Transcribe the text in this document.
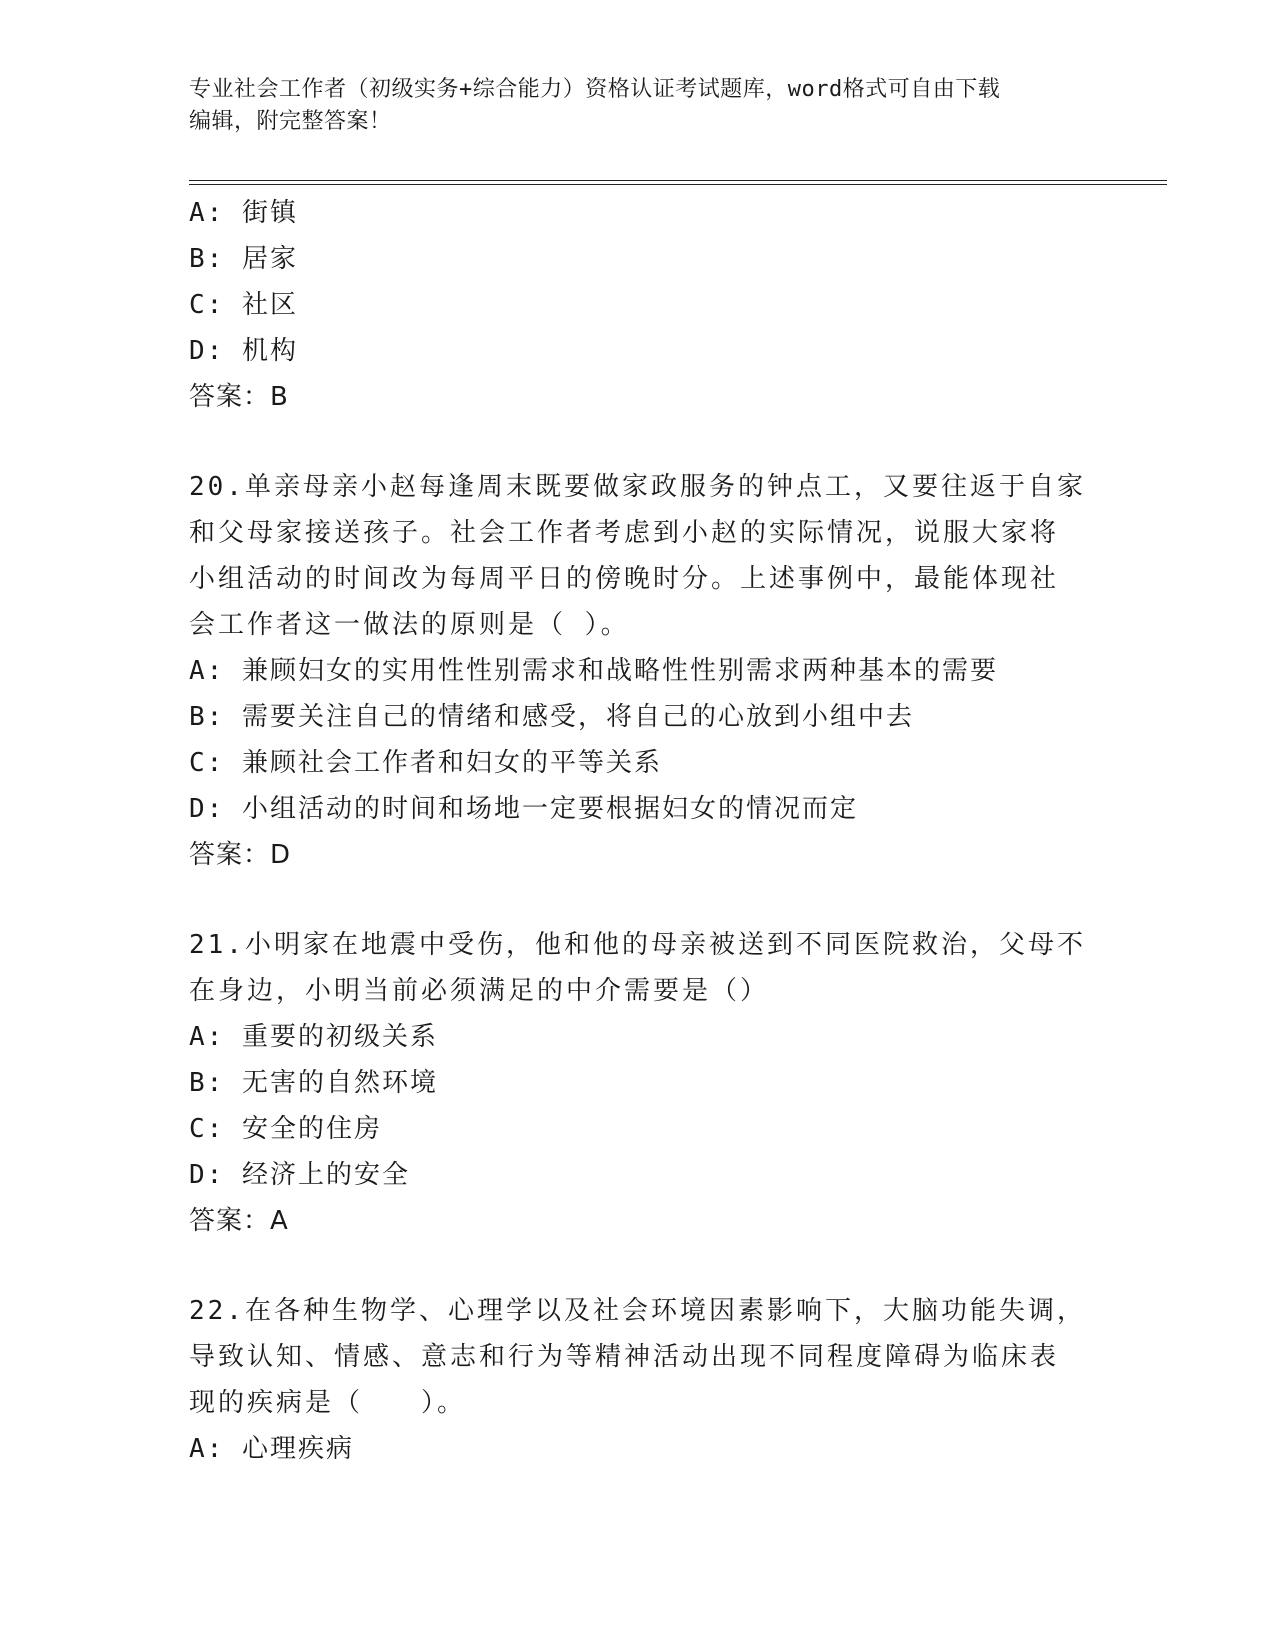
专业社会工作者（初级实务+综合能力）资格认证考试题库，word格式可自由下载
编辑，附完整答案！
A: 街镇
B: 居家
C: 社区
D: 机构
答案：B
20.单亲母亲小赵每逢周末既要做家政服务的钟点工，又要往返于自家
和父母家接送孩子。社会工作者考虑到小赵的实际情况，说服大家将
小组活动的时间改为每周平日的傍晚时分。上述事例中，最能体现社
会工作者这一做法的原则是（ ）。
A: 兼顾妇女的实用性性别需求和战略性性别需求两种基本的需要
B: 需要关注自己的情绪和感受，将自己的心放到小组中去
C: 兼顾社会工作者和妇女的平等关系
D: 小组活动的时间和场地一定要根据妇女的情况而定
答案：D
21.小明家在地震中受伤，他和他的母亲被送到不同医院救治，父母不
在身边，小明当前必须满足的中介需要是（）
A: 重要的初级关系
B: 无害的自然环境
C: 安全的住房
D: 经济上的安全
答案：A
22.在各种生物学、心理学以及社会环境因素影响下，大脑功能失调，
导致认知、情感、意志和行为等精神活动出现不同程度障碍为临床表
现的疾病是（　　）。
A: 心理疾病
